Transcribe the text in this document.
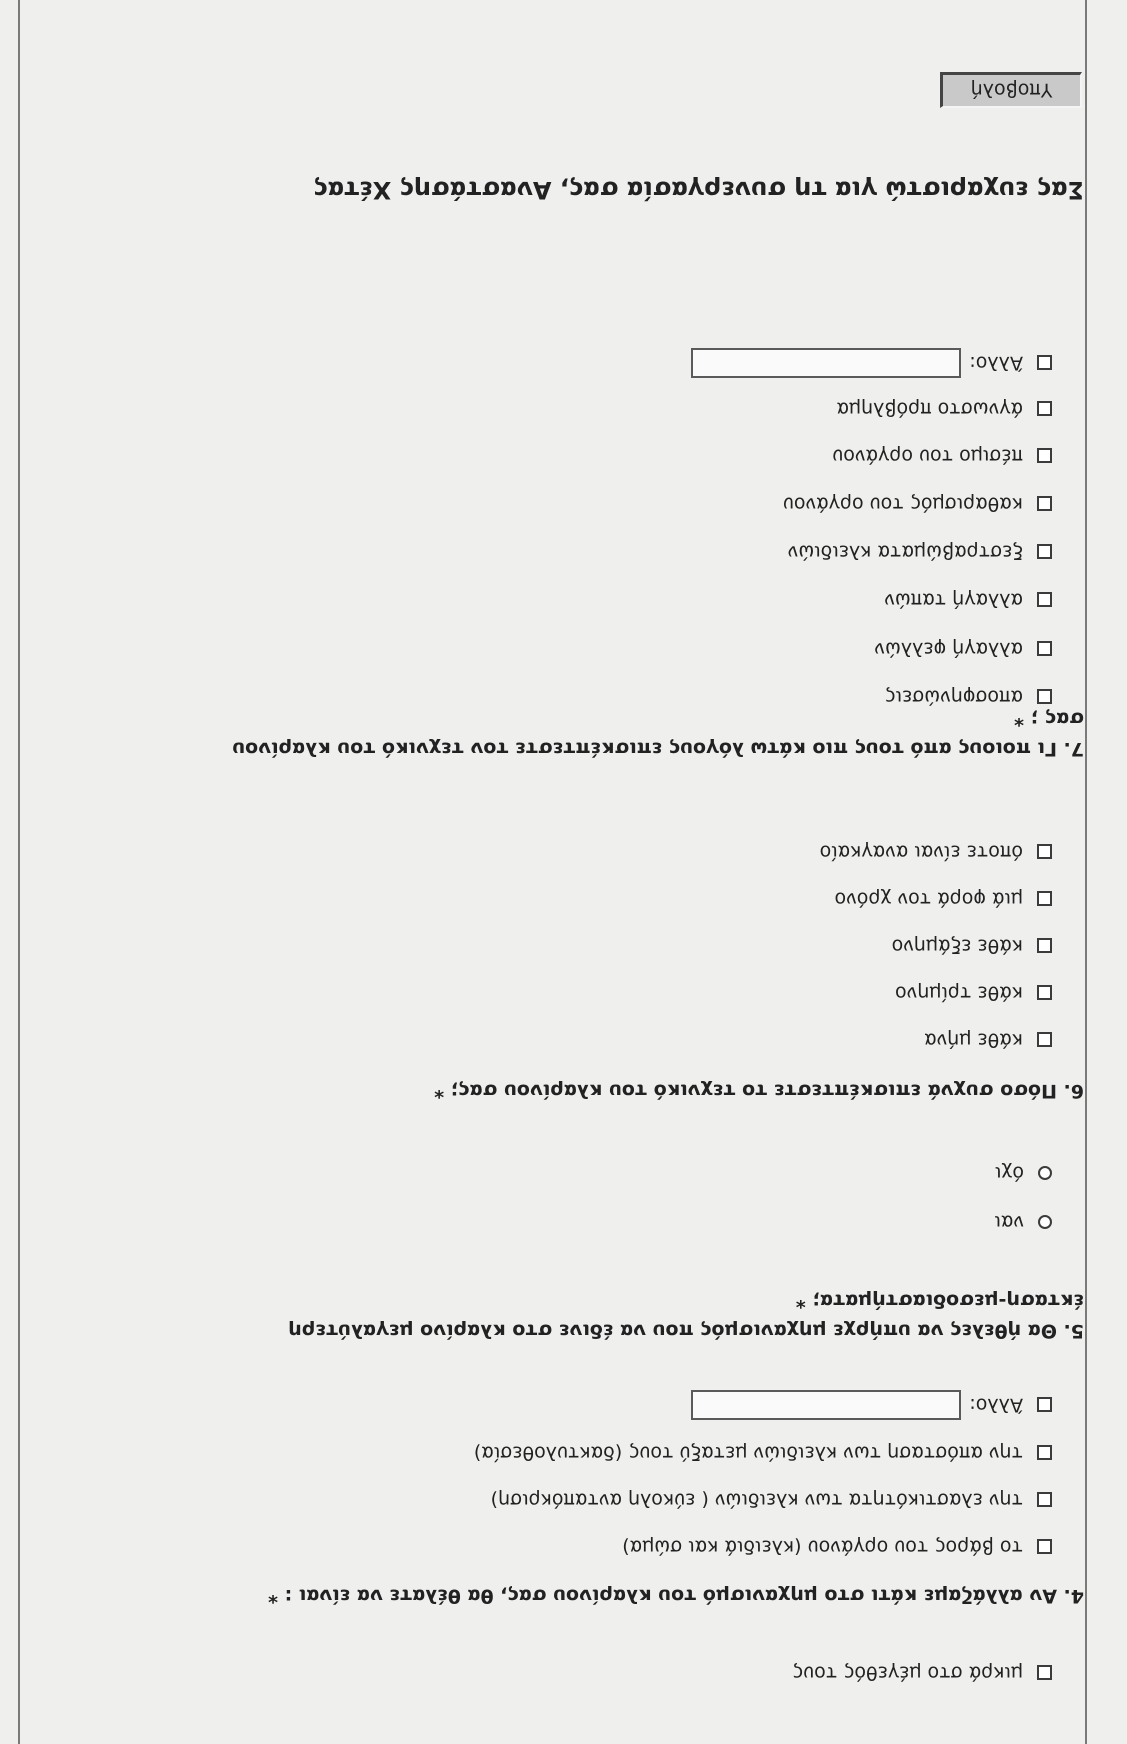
μικρά στο μέγεθός τους
4. Αν αλλάζαμε κάτι στο μηχανισμό του κλαρίνου σας, θα θέλατε να είναι : *
το βάρος του οργάνου (κλειδιά και σώμα)
την ελαστικότητα των κλειδιών ( εύκολη ανταπόκριση)
την απόσταση των κλειδιών μεταξύ τους (δακτυλοθεσία)
Άλλο:
5. Θα ήθελες να υπήρχε μηχανισμός που να έδινε στο κλαρίνο μεγαλύτερη έκταση-μεσοδιαστήματα; *
ναι
όχι
6. Πόσο συχνά επισκέπτεστε το τεχνικό του κλαρίνου σας; *
κάθε μήνα
κάθε τρίμηνο
κάθε εξάμηνο
μιά φορά τον χρόνο
όποτε είναι αναγκαίο
7. Γι ποιους από τους πιο κάτω λόγους επισκέπτεστε τον τεχνικό του κλαρίνου σας ; *
αποσφηνώσεις
αλλαγή φελλών
αλλαγή ταπών
ξεστραβώματα κλειδιών
καθαρισμός του οργάνου
πέσιμο του οργάνου
άγνωστο πρόβλημα
Άλλο:
Σας ευχαριστώ για τη συνεργασία σας, Αναστάσης Χέτας
Υποβολή
